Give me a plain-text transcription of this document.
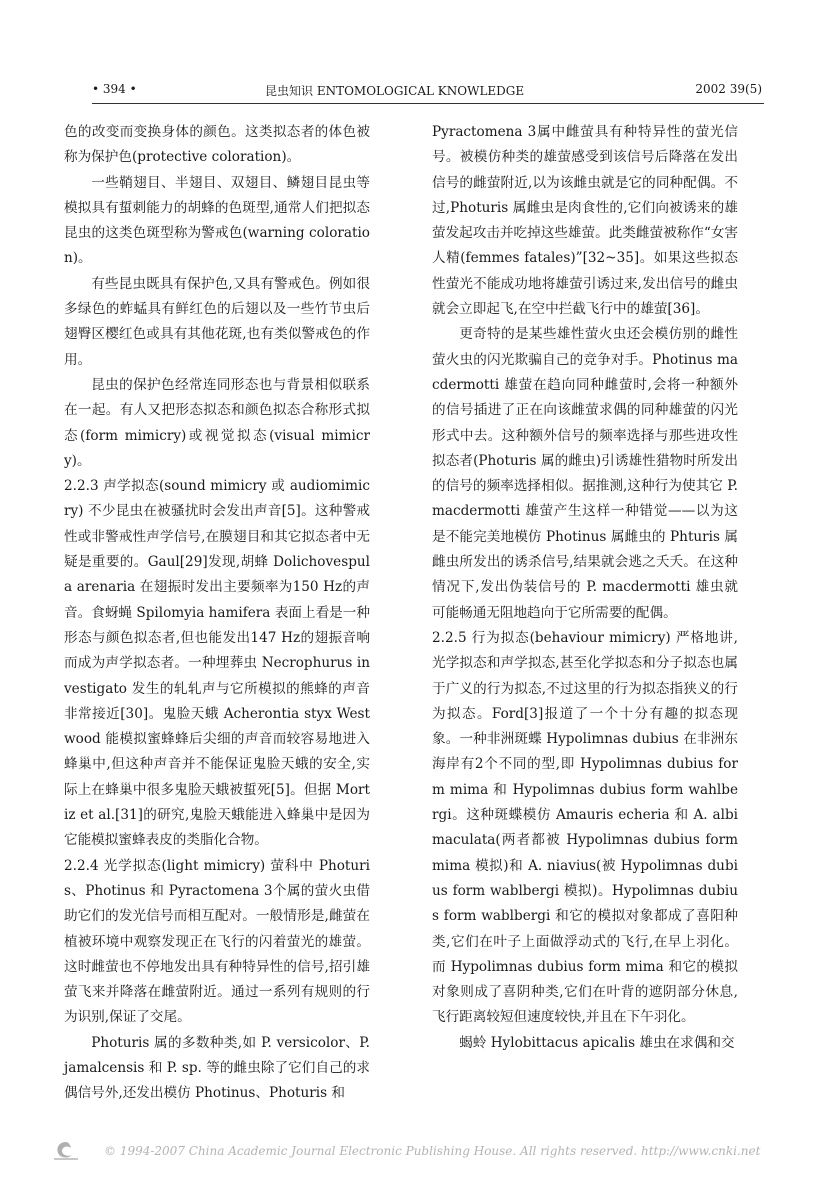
• 394 •	昆虫知识 ENTOMOLOGICAL KNOWLEDGE	2002 39(5)

色的改变而变换身体的颜色。这类拟态者的体色被称为保护色(protective coloration)。

一些鞘翅目、半翅目、双翅目、鳞翅目昆虫等模拟具有蜇刺能力的胡蜂的色斑型,通常人们把拟态昆虫的这类色斑型称为警戒色(warning coloration)。

有些昆虫既具有保护色,又具有警戒色。例如很多绿色的蚱蜢具有鲜红色的后翅以及一些竹节虫后翅臀区樱红色或具有其他花斑,也有类似警戒色的作用。

昆虫的保护色经常连同形态也与背景相似联系在一起。有人又把形态拟态和颜色拟态合称形式拟态(form mimicry)或视觉拟态(visual mimicry)。

2.2.3 声学拟态(sound mimicry 或 audiomimicry) 不少昆虫在被骚扰时会发出声音[5]。这种警戒性或非警戒性声学信号,在膜翅目和其它拟态者中无疑是重要的。Gaul[29]发现,胡蜂 Dolichovespula arenaria 在翅振时发出主要频率为150 Hz的声音。食蚜蝇 Spilomyia hamifera 表面上看是一种形态与颜色拟态者,但也能发出147 Hz的翅振音响而成为声学拟态者。一种埋葬虫 Necrophurus investigato 发生的轧轧声与它所模拟的熊蜂的声音非常接近[30]。鬼脸天蛾 Acherontia styx Westwood 能模拟蜜蜂蜂后尖细的声音而较容易地进入蜂巢中,但这种声音并不能保证鬼脸天蛾的安全,实际上在蜂巢中很多鬼脸天蛾被蜇死[5]。但据 Mortiz et al.[31]的研究,鬼脸天蛾能进入蜂巢中是因为它能模拟蜜蜂表皮的类脂化合物。

2.2.4 光学拟态(light mimicry) 萤科中 Photuris、Photinus 和 Pyractomena 3个属的萤火虫借助它们的发光信号而相互配对。一般情形是,雌萤在植被环境中观察发现正在飞行的闪着萤光的雄萤。这时雌萤也不停地发出具有种特异性的信号,招引雄萤飞来并降落在雌萤附近。通过一系列有规则的行为识别,保证了交尾。

Photuris 属的多数种类,如 P. versicolor、P. jamalcensis 和 P. sp. 等的雌虫除了它们自己的求偶信号外,还发出模仿 Photinus、Photuris 和

Pyractomena 3属中雌萤具有种特异性的萤光信号。被模仿种类的雄萤感受到该信号后降落在发出信号的雌萤附近,以为该雌虫就是它的同种配偶。不过,Photuris 属雌虫是肉食性的,它们向被诱来的雄萤发起攻击并吃掉这些雄萤。此类雌萤被称作“女害人精(femmes fatales)”[32~35]。如果这些拟态性萤光不能成功地将雄萤引诱过来,发出信号的雌虫就会立即起飞,在空中拦截飞行中的雄萤[36]。

更奇特的是某些雄性萤火虫还会模仿别的雌性萤火虫的闪光欺骗自己的竞争对手。Photinus macdermotti 雄萤在趋向同种雌萤时,会将一种额外的信号插进了正在向该雌萤求偶的同种雄萤的闪光形式中去。这种额外信号的频率选择与那些进攻性拟态者(Photuris 属的雌虫)引诱雄性猎物时所发出的信号的频率选择相似。据推测,这种行为使其它 P. macdermotti 雄萤产生这样一种错觉——以为这是不能完美地模仿 Photinus 属雌虫的 Phturis 属雌虫所发出的诱杀信号,结果就会逃之夭夭。在这种情况下,发出伪装信号的 P. macdermotti 雄虫就可能畅通无阻地趋向于它所需要的配偶。

2.2.5 行为拟态(behaviour mimicry) 严格地讲,光学拟态和声学拟态,甚至化学拟态和分子拟态也属于广义的行为拟态,不过这里的行为拟态指狭义的行为拟态。Ford[3]报道了一个十分有趣的拟态现象。一种非洲斑蝶 Hypolimnas dubius 在非洲东海岸有2个不同的型,即 Hypolimnas dubius form mima 和 Hypolimnas dubius form wahlbergi。这种斑蝶模仿 Amauris echeria 和 A. albimaculata(两者都被 Hypolimnas dubius form mima 模拟)和 A. niavius(被 Hypolimnas dubius form wablbergi 模拟)。Hypolimnas dubius form wablbergi 和它的模拟对象都成了喜阳种类,它们在叶子上面做浮动式的飞行,在早上羽化。而 Hypolimnas dubius form mima 和它的模拟对象则成了喜阴种类,它们在叶背的遮阴部分休息,飞行距离较短但速度较快,并且在下午羽化。

蝎蛉 Hylobittacus apicalis 雄虫在求偶和交

© 1994-2007 China Academic Journal Electronic Publishing House. All rights reserved. http://www.cnki.net
